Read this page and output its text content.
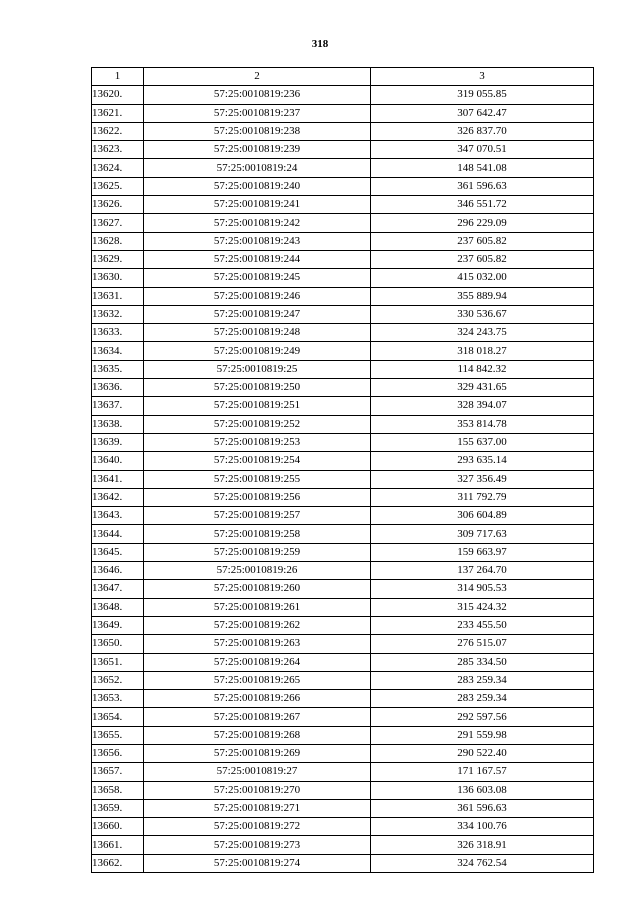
318
1	2	3
13620.	57:25:0010819:236	319 055.85
13621.	57:25:0010819:237	307 642.47
13622.	57:25:0010819:238	326 837.70
13623.	57:25:0010819:239	347 070.51
13624.	57:25:0010819:24	148 541.08
13625.	57:25:0010819:240	361 596.63
13626.	57:25:0010819:241	346 551.72
13627.	57:25:0010819:242	296 229.09
13628.	57:25:0010819:243	237 605.82
13629.	57:25:0010819:244	237 605.82
13630.	57:25:0010819:245	415 032.00
13631.	57:25:0010819:246	355 889.94
13632.	57:25:0010819:247	330 536.67
13633.	57:25:0010819:248	324 243.75
13634.	57:25:0010819:249	318 018.27
13635.	57:25:0010819:25	114 842.32
13636.	57:25:0010819:250	329 431.65
13637.	57:25:0010819:251	328 394.07
13638.	57:25:0010819:252	353 814.78
13639.	57:25:0010819:253	155 637.00
13640.	57:25:0010819:254	293 635.14
13641.	57:25:0010819:255	327 356.49
13642.	57:25:0010819:256	311 792.79
13643.	57:25:0010819:257	306 604.89
13644.	57:25:0010819:258	309 717.63
13645.	57:25:0010819:259	159 663.97
13646.	57:25:0010819:26	137 264.70
13647.	57:25:0010819:260	314 905.53
13648.	57:25:0010819:261	315 424.32
13649.	57:25:0010819:262	233 455.50
13650.	57:25:0010819:263	276 515.07
13651.	57:25:0010819:264	285 334.50
13652.	57:25:0010819:265	283 259.34
13653.	57:25:0010819:266	283 259.34
13654.	57:25:0010819:267	292 597.56
13655.	57:25:0010819:268	291 559.98
13656.	57:25:0010819:269	290 522.40
13657.	57:25:0010819:27	171 167.57
13658.	57:25:0010819:270	136 603.08
13659.	57:25:0010819:271	361 596.63
13660.	57:25:0010819:272	334 100.76
13661.	57:25:0010819:273	326 318.91
13662.	57:25:0010819:274	324 762.54
